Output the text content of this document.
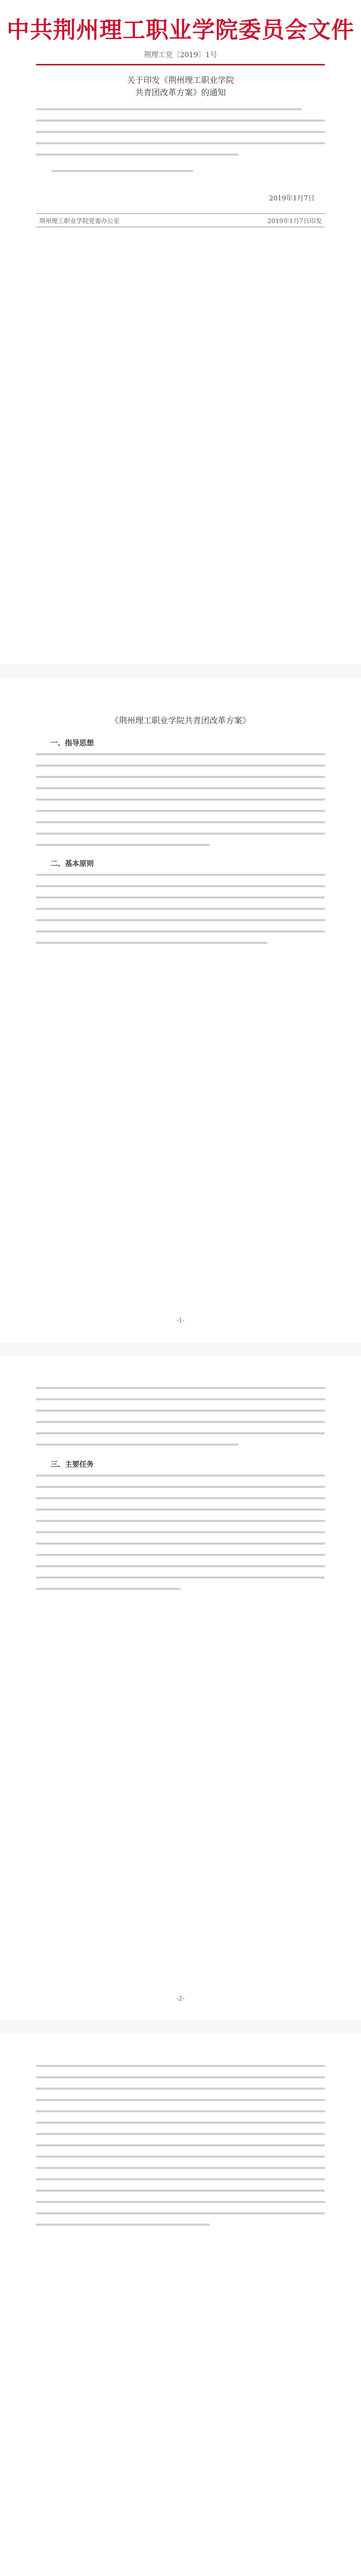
中共荆州理工职业学院委员会文件
荆理工党〔2019〕1号
关于印发《荆州理工职业学院
共青团改革方案》的通知
2019年1月7日
荆州理工职业学院党委办公室	2019年1月7日印发
《荆州理工职业学院共青团改革方案》
一、指导思想
二、基本原则
-1-
三、主要任务
-2-
